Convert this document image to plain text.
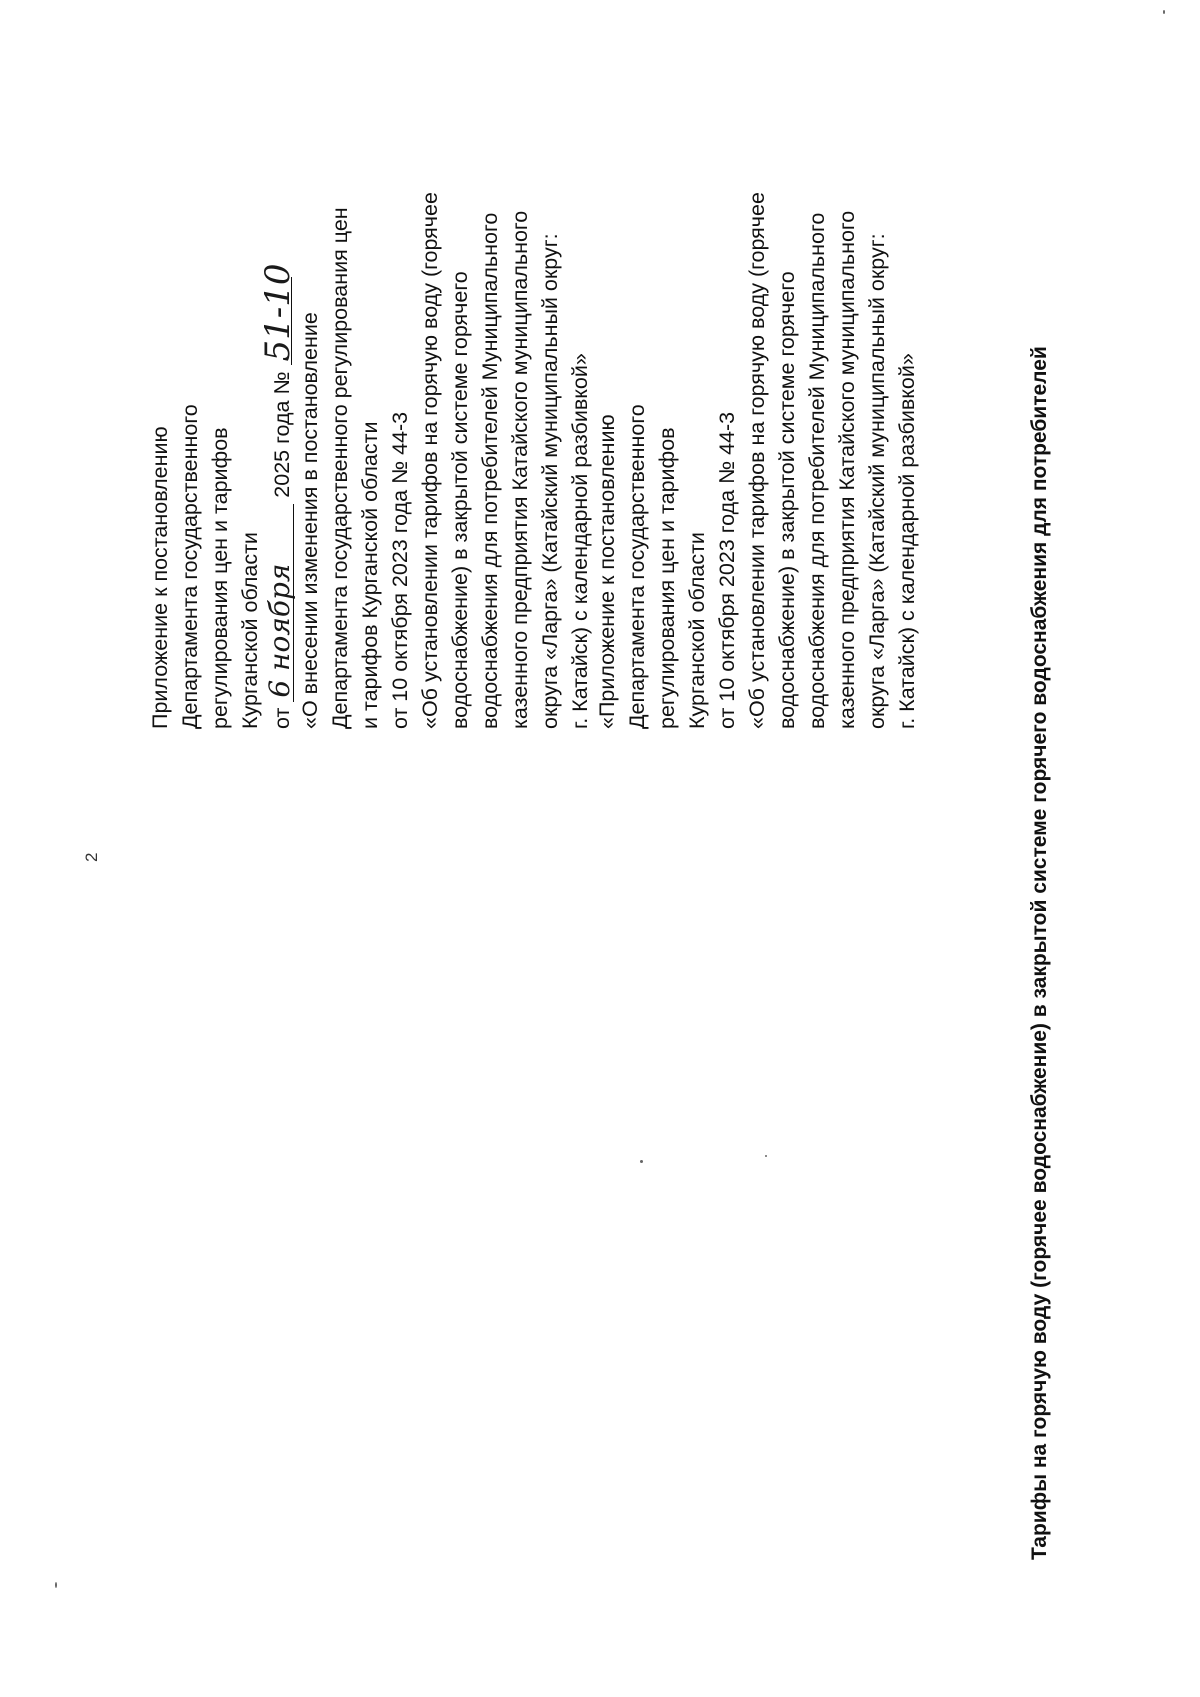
2
Приложение к постановлению Департамента государственного регулирования цен и тарифов Курганской области от 6 ноября 2025 года № 51-10 «О внесении изменения в постановление Департамента государственного регулирования цен и тарифов Курганской области от 10 октября 2023 года № 44-3 «Об установлении тарифов на горячую воду (горячее водоснабжение) в закрытой системе горячего водоснабжения для потребителей Муниципального казенного предприятия Катайского муниципального округа «Ларга» (Катайский муниципальный округ: г. Катайск) с календарной разбивкой» «Приложение к постановлению Департамента государственного регулирования цен и тарифов Курганской области от 10 октября 2023 года № 44-3 «Об установлении тарифов на горячую воду (горячее водоснабжение) в закрытой системе горячего водоснабжения для потребителей Муниципального казенного предприятия Катайского муниципального округа «Ларга» (Катайский муниципальный округ: г. Катайск) с календарной разбивкой»	Тарифы на горячую воду (горячее водоснабжение) в закрытой системе горячего водоснабжения для потребителей
